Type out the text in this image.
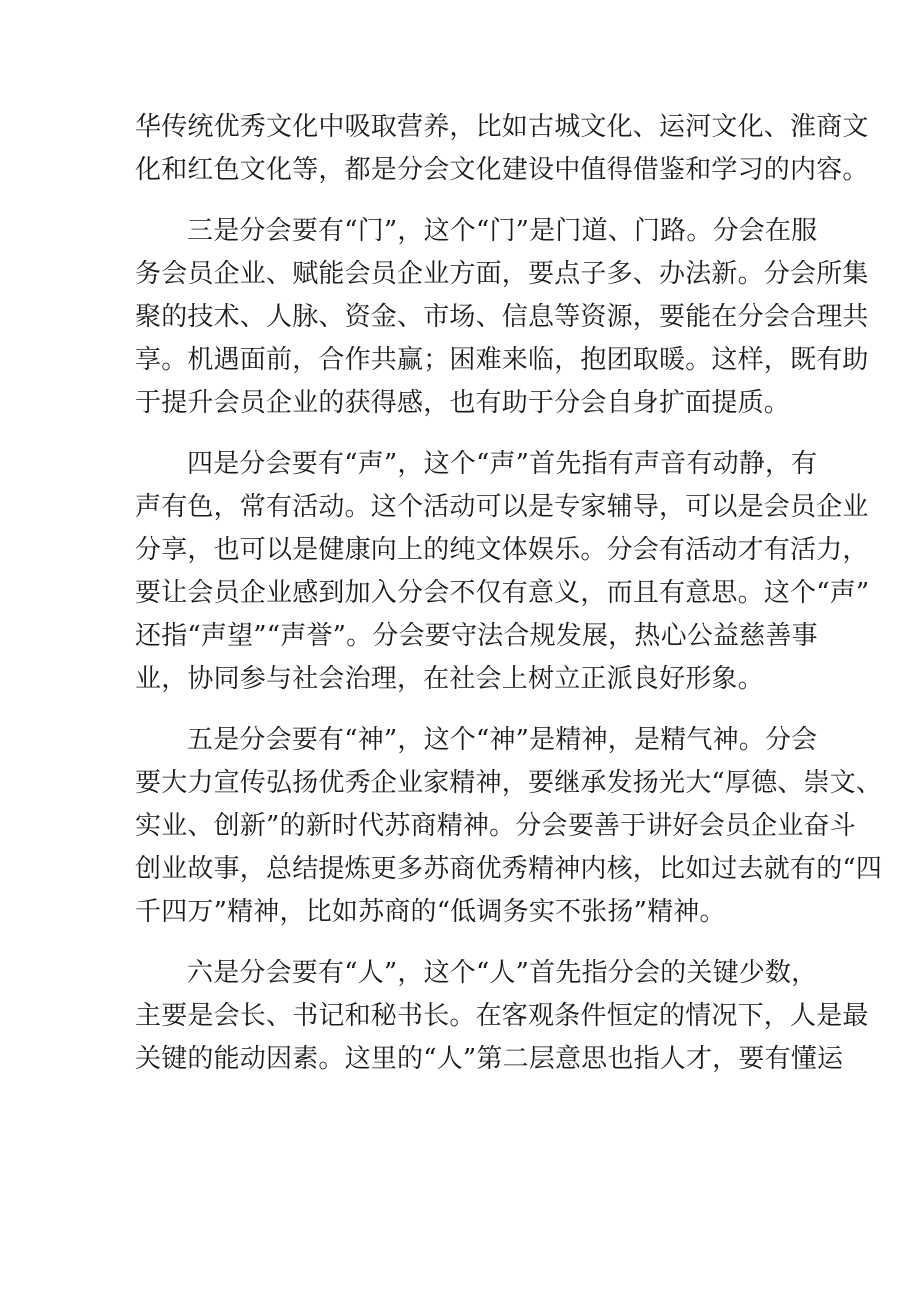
华传统优秀文化中吸取营养，比如古城文化、运河文化、淮商文
化和红色文化等，都是分会文化建设中值得借鉴和学习的内容。
三是分会要有“门”，这个“门”是门道、门路。分会在服
务会员企业、赋能会员企业方面，要点子多、办法新。分会所集
聚的技术、人脉、资金、市场、信息等资源，要能在分会合理共
享。机遇面前，合作共赢；困难来临，抱团取暖。这样，既有助
于提升会员企业的获得感，也有助于分会自身扩面提质。
四是分会要有“声”，这个“声”首先指有声音有动静，有
声有色，常有活动。这个活动可以是专家辅导，可以是会员企业
分享，也可以是健康向上的纯文体娱乐。分会有活动才有活力，
要让会员企业感到加入分会不仅有意义，而且有意思。这个“声”
还指“声望”“声誉”。分会要守法合规发展，热心公益慈善事
业，协同参与社会治理，在社会上树立正派良好形象。
五是分会要有“神”，这个“神”是精神，是精气神。分会
要大力宣传弘扬优秀企业家精神，要继承发扬光大“厚德、崇文、
实业、创新”的新时代苏商精神。分会要善于讲好会员企业奋斗
创业故事，总结提炼更多苏商优秀精神内核，比如过去就有的“四
千四万”精神，比如苏商的“低调务实不张扬”精神。
六是分会要有“人”，这个“人”首先指分会的关键少数，
主要是会长、书记和秘书长。在客观条件恒定的情况下，人是最
关键的能动因素。这里的“人”第二层意思也指人才，要有懂运
